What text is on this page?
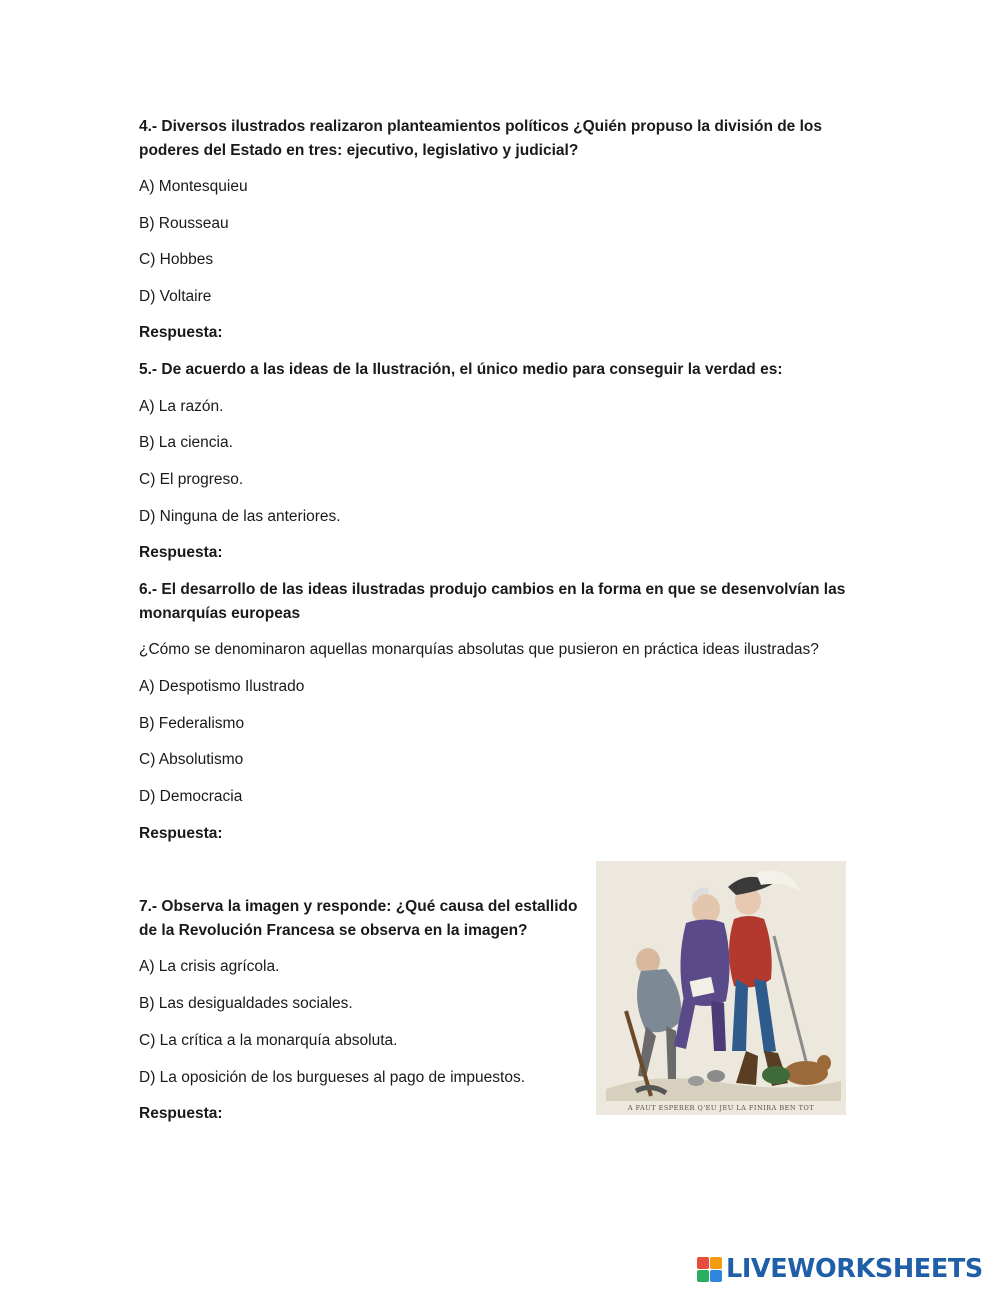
4.- Diversos ilustrados realizaron planteamientos políticos ¿Quién propuso la división de los
poderes del Estado en tres: ejecutivo, legislativo y judicial?
A) Montesquieu
B) Rousseau
C) Hobbes
D) Voltaire
Respuesta:
5.- De acuerdo a las ideas de la Ilustración, el único medio para conseguir la verdad es:
A) La razón.
B) La ciencia.
C) El progreso.
D) Ninguna de las anteriores.
Respuesta:
6.- El desarrollo de las ideas ilustradas produjo cambios en la forma en que se desenvolvían las
monarquías europeas
¿Cómo se denominaron aquellas monarquías absolutas que pusieron en práctica ideas ilustradas?
A) Despotismo Ilustrado
B) Federalismo
C) Absolutismo
D) Democracia
Respuesta:
7.- Observa la imagen y responde: ¿Qué causa del estallido
de la Revolución Francesa se observa en la imagen?
A) La crisis agrícola.
B) Las desigualdades sociales.
C) La crítica a la monarquía absoluta.
D) La oposición de los burgueses al pago de impuestos.
Respuesta:	A FAUT ESPERER Q'EU JEU LA FINIRA BEN TOT
LIVEWORKSHEETS
